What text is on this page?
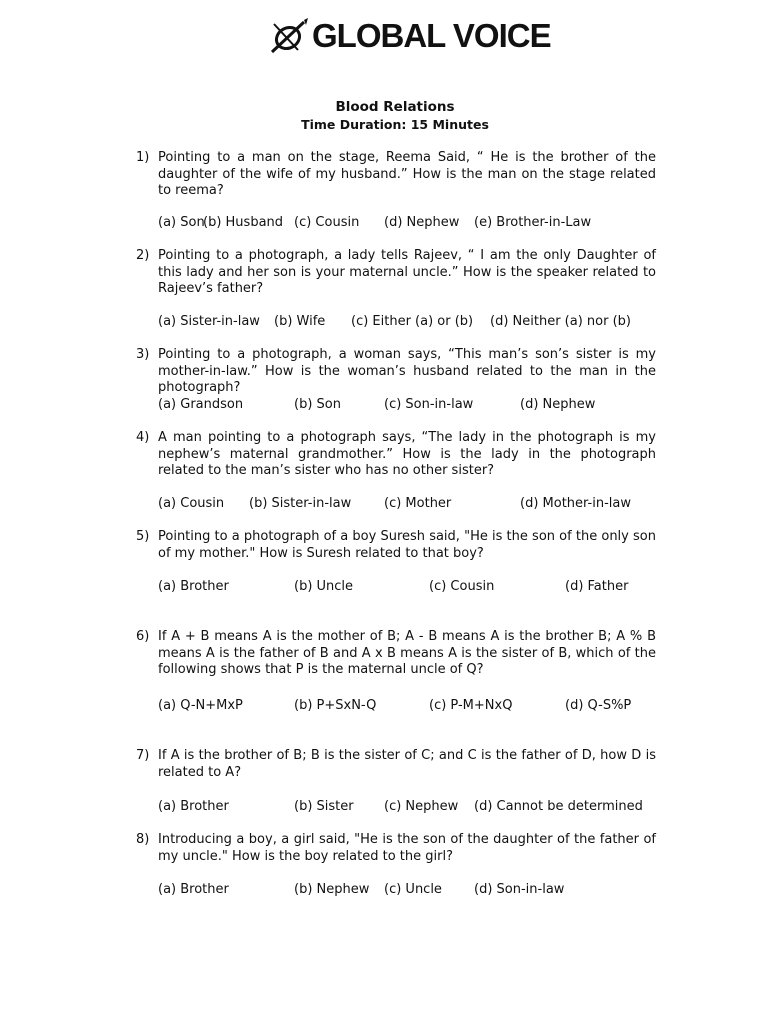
GLOBAL VOICE
Blood Relations
Time Duration: 15 Minutes
1) Pointing to a man on the stage, Reema Said, “ He is the brother of the daughter of the wife of my husband.” How is the man on the stage related to reema?
(a) Son
(b) Husband (c) Cousin (d) Nephew (e) Brother-in-Law
2) Pointing to a photograph, a lady tells Rajeev, “ I am the only Daughter of this lady and her son is your maternal uncle.” How is the speaker related to Rajeev’s father?
(a) Sister-in-law (b) Wife (c) Either (a) or (b) (d) Neither (a) nor (b)
3) Pointing to a photograph, a woman says, “This man’s son’s sister is my mother-in-law.” How is the woman’s husband related to the man in the photograph?
(a) Grandson	(b) Son	(c) Son-in-law	(d) Nephew
4) A man pointing to a photograph says, “The lady in the photograph is my nephew’s maternal grandmother.” How is the lady in the photograph related to the man’s sister who has no other sister?
(a) Cousin (b) Sister-in-law	(c) Mother	(d) Mother-in-law
5) Pointing to a photograph of a boy Suresh said, "He is the son of the only son of my mother." How is Suresh related to that boy?
(a) Brother	(b) Uncle	(c) Cousin	(d) Father
6) If A + B means A is the mother of B; A - B means A is the brother B; A % B means A is the father of B and A x B means A is the sister of B, which of the following shows that P is the maternal uncle of Q?
(a) Q-N+MxP	(b) P+SxN-Q	(c) P-M+NxQ	(d) Q-S%P
7) If A is the brother of B; B is the sister of C; and C is the father of D, how D is related to A?
(a) Brother	(b) Sister (c) Nephew (d) Cannot be determined
8) Introducing a boy, a girl said, "He is the son of the daughter of the father of my uncle." How is the boy related to the girl?
(a) Brother	(b) Nephew (c) Uncle (d) Son-in-law
